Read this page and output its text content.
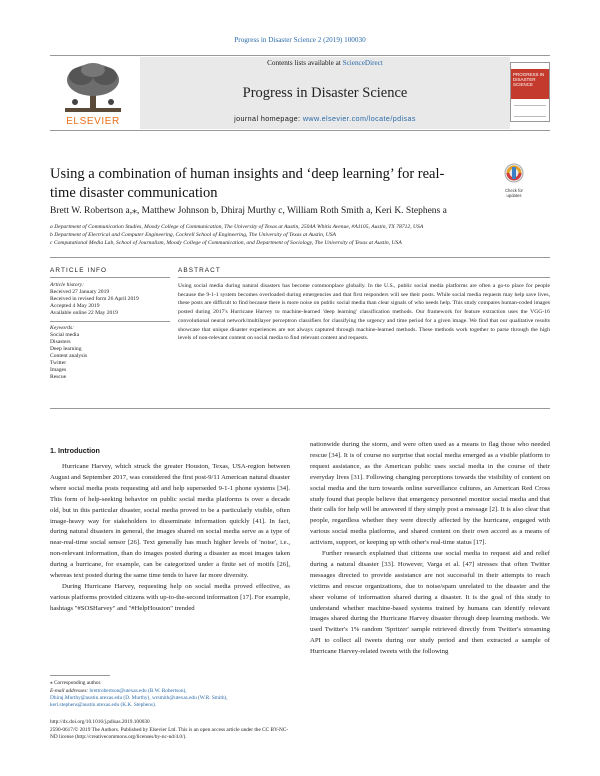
Progress in Disaster Science 2 (2019) 100030
ELSEVIER
Contents lists available at ScienceDirect
Progress in Disaster Science
journal homepage: www.elsevier.com/locate/pdisas
PROGRESS IN DISASTER SCIENCE
Using a combination of human insights and ‘deep learning’ for real-time disaster communication	Check for updates
Brett W. Robertson a,⁎, Matthew Johnson b, Dhiraj Murthy c, William Roth Smith a, Keri K. Stephens a
a Department of Communication Studies, Moody College of Communication, The University of Texas at Austin, 2504A Whitis Avenue, #A1105, Austin, TX 78712, USA
b Department of Electrical and Computer Engineering, Cockrell School of Engineering, The University of Texas at Austin, USA
c Computational Media Lab, School of Journalism, Moody College of Communication, and Department of Sociology, The University of Texas at Austin, USA
ARTICLE INFO	ABSTRACT
Article history:
Received 27 January 2019
Received in revised form 26 April 2019
Accepted 4 May 2019
Available online 22 May 2019
Keywords:
Social media
Disasters
Deep learning
Content analysis
Twitter
Images
Rescue
Using social media during natural disasters has become commonplace globally. In the U.S., public social media platforms are often a go-to place for people because the 9-1-1 system becomes overloaded during emergencies and that first responders will see their posts. While social media requests may help save lives, these posts are difficult to find because there is more noise on public social media than clear signals of who needs help. This study compares human-coded images posted during 2017's Hurricane Harvey to machine-learned 'deep learning' classification methods. Our framework for feature extraction uses the VGG-16 convolutional neural network/multilayer perceptron classifiers for classifying the urgency and time period for a given image. We find that our qualitative results showcase that unique disaster experiences are not always captured through machine-learned methods. These methods work together to parse through the high levels of non-relevant content on social media to find relevant content and requests.
1. Introduction
Hurricane Harvey, which struck the greater Houston, Texas, USA-region between August and September 2017, was considered the first post-9/11 American natural disaster where social media posts requesting aid and help superseded 9-1-1 phone systems [34]. This form of help-seeking behavior on public social media platforms is over a decade old, but in this particular disaster, social media proved to be a particularly visible, often image-heavy way for stakeholders to disseminate information quickly [41]. In fact, during natural disasters in general, the images shared on social media serve as a type of near-real-time social sensor [26]. Text generally has much higher levels of 'noise', i.e., non-relevant information, than do images posted during a disaster as most images taken during a hurricane, for example, can be categorized under a finite set of motifs [26], whereas text posted during the same time tends to have far more diversity.
During Hurricane Harvey, requesting help on social media proved effective, as various platforms provided citizens with up-to-the-second information [17]. For example, hashtags "#SOSHarvey" and "#HelpHouston" trended
nationwide during the storm, and were often used as a means to flag those who needed rescue [34]. It is of course no surprise that social media emerged as a visible platform to request assistance, as the American public uses social media in the course of their everyday lives [31]. Following changing perceptions towards the visibility of content on social media and the turn towards online surveillance cultures, an American Red Cross study found that people believe that emergency personnel monitor social media and that their calls for help will be answered if they simply post a message [2]. It is also clear that people, regardless whether they were directly affected by the hurricane, engaged with various social media platforms, and shared content on their own accord as a means of activism, support, or keeping up with other's real-time status [17].
Further research explained that citizens use social media to request aid and relief during a natural disaster [33]. However, Varga et al. [47] stresses that often Twitter messages directed to provide assistance are not successful in their attempts to reach victims and rescue organizations, due to noise/spam unrelated to the disaster and the sheer volume of information shared during a disaster. It is the goal of this study to understand whether machine-based systems trained by humans can identify relevant images shared during the Hurricane Harvey disaster through deep learning methods. We used Twitter's 1% random 'Spritzer' sample retrieved directly from Twitter's streaming API to collect all tweets during our study period and then extracted a sample of Hurricane Harvey-related tweets with the following
⁎ Corresponding author.
E-mail addresses: brettrobertson@utexas.edu (B.W. Robertson),
Dhiraj.Murthy@austin.utexas.edu (D. Murthy), wrsmith@utexas.edu (W.R. Smith),
keri.stephens@austin.utexas.edu (K.K. Stephens).
http://dx.doi.org/10.1016/j.pdisas.2019.100030
2590-0617/© 2019 The Authors. Published by Elsevier Ltd. This is an open access article under the CC BY-NC-ND license (http://creativecommons.org/licenses/by-nc-nd/4.0/).
